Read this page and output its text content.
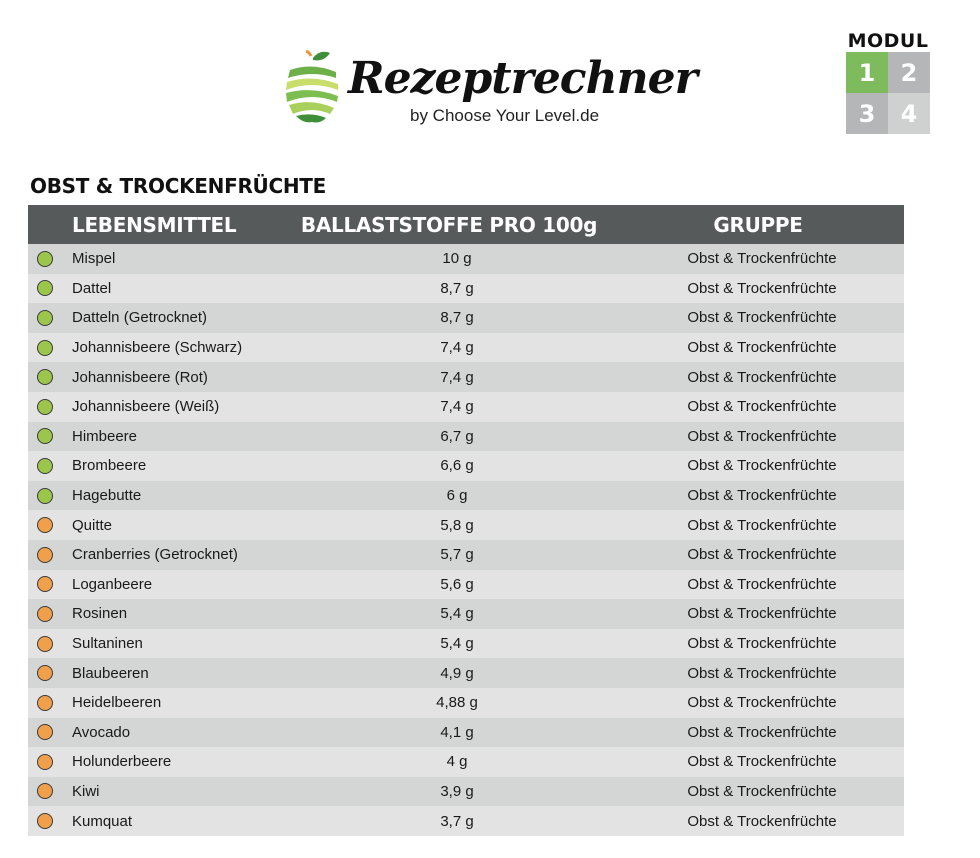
Rezeptrechner
by Choose Your Level.de
MODUL
1	2
3	4
OBST & TROCKENFRÜCHTE
LEBENSMITTEL	BALLASTSTOFFE PRO 100g	GRUPPE
Mispel	10 g	Obst & Trockenfrüchte
Dattel	8,7 g	Obst & Trockenfrüchte
Datteln (Getrocknet)	8,7 g	Obst & Trockenfrüchte
Johannisbeere (Schwarz)	7,4 g	Obst & Trockenfrüchte
Johannisbeere (Rot)	7,4 g	Obst & Trockenfrüchte
Johannisbeere (Weiß)	7,4 g	Obst & Trockenfrüchte
Himbeere	6,7 g	Obst & Trockenfrüchte
Brombeere	6,6 g	Obst & Trockenfrüchte
Hagebutte	6 g	Obst & Trockenfrüchte
Quitte	5,8 g	Obst & Trockenfrüchte
Cranberries (Getrocknet)	5,7 g	Obst & Trockenfrüchte
Loganbeere	5,6 g	Obst & Trockenfrüchte
Rosinen	5,4 g	Obst & Trockenfrüchte
Sultaninen	5,4 g	Obst & Trockenfrüchte
Blaubeeren	4,9 g	Obst & Trockenfrüchte
Heidelbeeren	4,88 g	Obst & Trockenfrüchte
Avocado	4,1 g	Obst & Trockenfrüchte
Holunderbeere	4 g	Obst & Trockenfrüchte
Kiwi	3,9 g	Obst & Trockenfrüchte
Kumquat	3,7 g	Obst & Trockenfrüchte
